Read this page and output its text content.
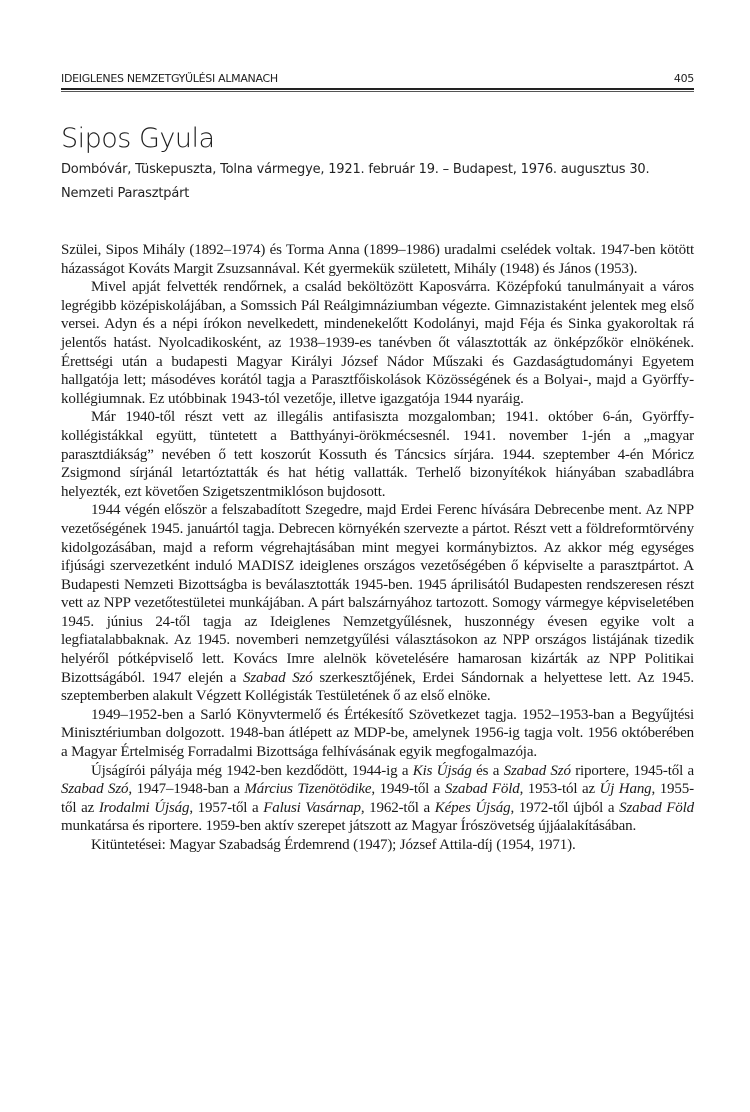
IDEIGLENES NEMZETGYŰLÉSI ALMANACH	405
Sipos Gyula
Dombóvár, Tüskepuszta, Tolna vármegye, 1921. február 19. – Budapest, 1976. augusztus 30.
Nemzeti Parasztpárt

Szülei, Sipos Mihály (1892–1974) és Torma Anna (1899–1986) uradalmi cselédek voltak. 1947-ben kötött házasságot Kováts Margit Zsuzsannával. Két gyermekük született, Mihály (1948) és János (1953).

Mivel apját felvették rendőrnek, a család beköltözött Kaposvárra. Középfokú tanulmányait a város legrégibb középiskolájában, a Somssich Pál Reálgimnáziumban végezte. Gimnazistaként jelentek meg első versei. Adyn és a népi írókon nevelkedett, mindenekelőtt Kodolányi, majd Féja és Sinka gyakoroltak rá jelentős hatást. Nyolcadikosként, az 1938–1939-es tanévben őt választották az önképzőkör elnökének. Érettségi után a budapesti Magyar Királyi József Nádor Műszaki és Gazdaságtudományi Egyetem hallgatója lett; másodéves korától tagja a Parasztfőiskolások Közösségének és a Bolyai-, majd a Györffy-kollégiumnak. Ez utóbbinak 1943-tól vezetője, illetve igazgatója 1944 nyaráig.

Már 1940-től részt vett az illegális antifasiszta mozgalomban; 1941. október 6-án, Györffy-kollégistákkal együtt, tüntetett a Batthyányi-örökmécsesnél. 1941. november 1-jén a „magyar parasztdiákság” nevében ő tett koszorút Kossuth és Táncsics sírjára. 1944. szeptember 4-én Móricz Zsigmond sírjánál letartóztatták és hat hétig vallatták. Terhelő bizonyítékok hiányában szabadlábra helyezték, ezt követően Szigetszentmiklóson bujdosott.

1944 végén először a felszabadított Szegedre, majd Erdei Ferenc hívására Debrecenbe ment. Az NPP vezetőségének 1945. januártól tagja. Debrecen környékén szervezte a pártot. Részt vett a földreformtörvény kidolgozásában, majd a reform végrehajtásában mint megyei kormánybiztos. Az akkor még egységes ifjúsági szervezetként induló MADISZ ideiglenes országos vezetőségében ő képviselte a parasztpártot. A Budapesti Nemzeti Bizottságba is beválasztották 1945-ben. 1945 áprilisától Budapesten rendszeresen részt vett az NPP vezetőtestületei munkájában. A párt balszárnyához tartozott. Somogy vármegye képviseletében 1945. június 24-től tagja az Ideiglenes Nemzetgyűlésnek, huszonnégy évesen egyike volt a legfiatalabbaknak. Az 1945. novemberi nemzetgyűlési választásokon az NPP országos listájának tizedik helyéről pótképviselő lett. Kovács Imre alelnök követelésére hamarosan kizárták az NPP Politikai Bizottságából. 1947 elején a Szabad Szó szerkesztőjének, Erdei Sándornak a helyettese lett. Az 1945. szeptemberben alakult Végzett Kollégisták Testületének ő az első elnöke.

1949–1952-ben a Sarló Könyvtermelő és Értékesítő Szövetkezet tagja. 1952–1953-ban a Begyűjtési Minisztériumban dolgozott. 1948-ban átlépett az MDP-be, amelynek 1956-ig tagja volt. 1956 októberében a Magyar Értelmiség Forradalmi Bizottsága felhívásának egyik megfogalmazója.

Újságírói pályája még 1942-ben kezdődött, 1944-ig a Kis Újság és a Szabad Szó riportere, 1945-től a Szabad Szó, 1947–1948-ban a Március Tizenötödike, 1949-től a Szabad Föld, 1953-tól az Új Hang, 1955-től az Irodalmi Újság, 1957-től a Falusi Vasárnap, 1962-től a Képes Újság, 1972-től újból a Szabad Föld munkatársa és riportere. 1959-ben aktív szerepet játszott az Magyar Írószövetség újjáalakításában.

Kitüntetései: Magyar Szabadság Érdemrend (1947); József Attila-díj (1954, 1971).
